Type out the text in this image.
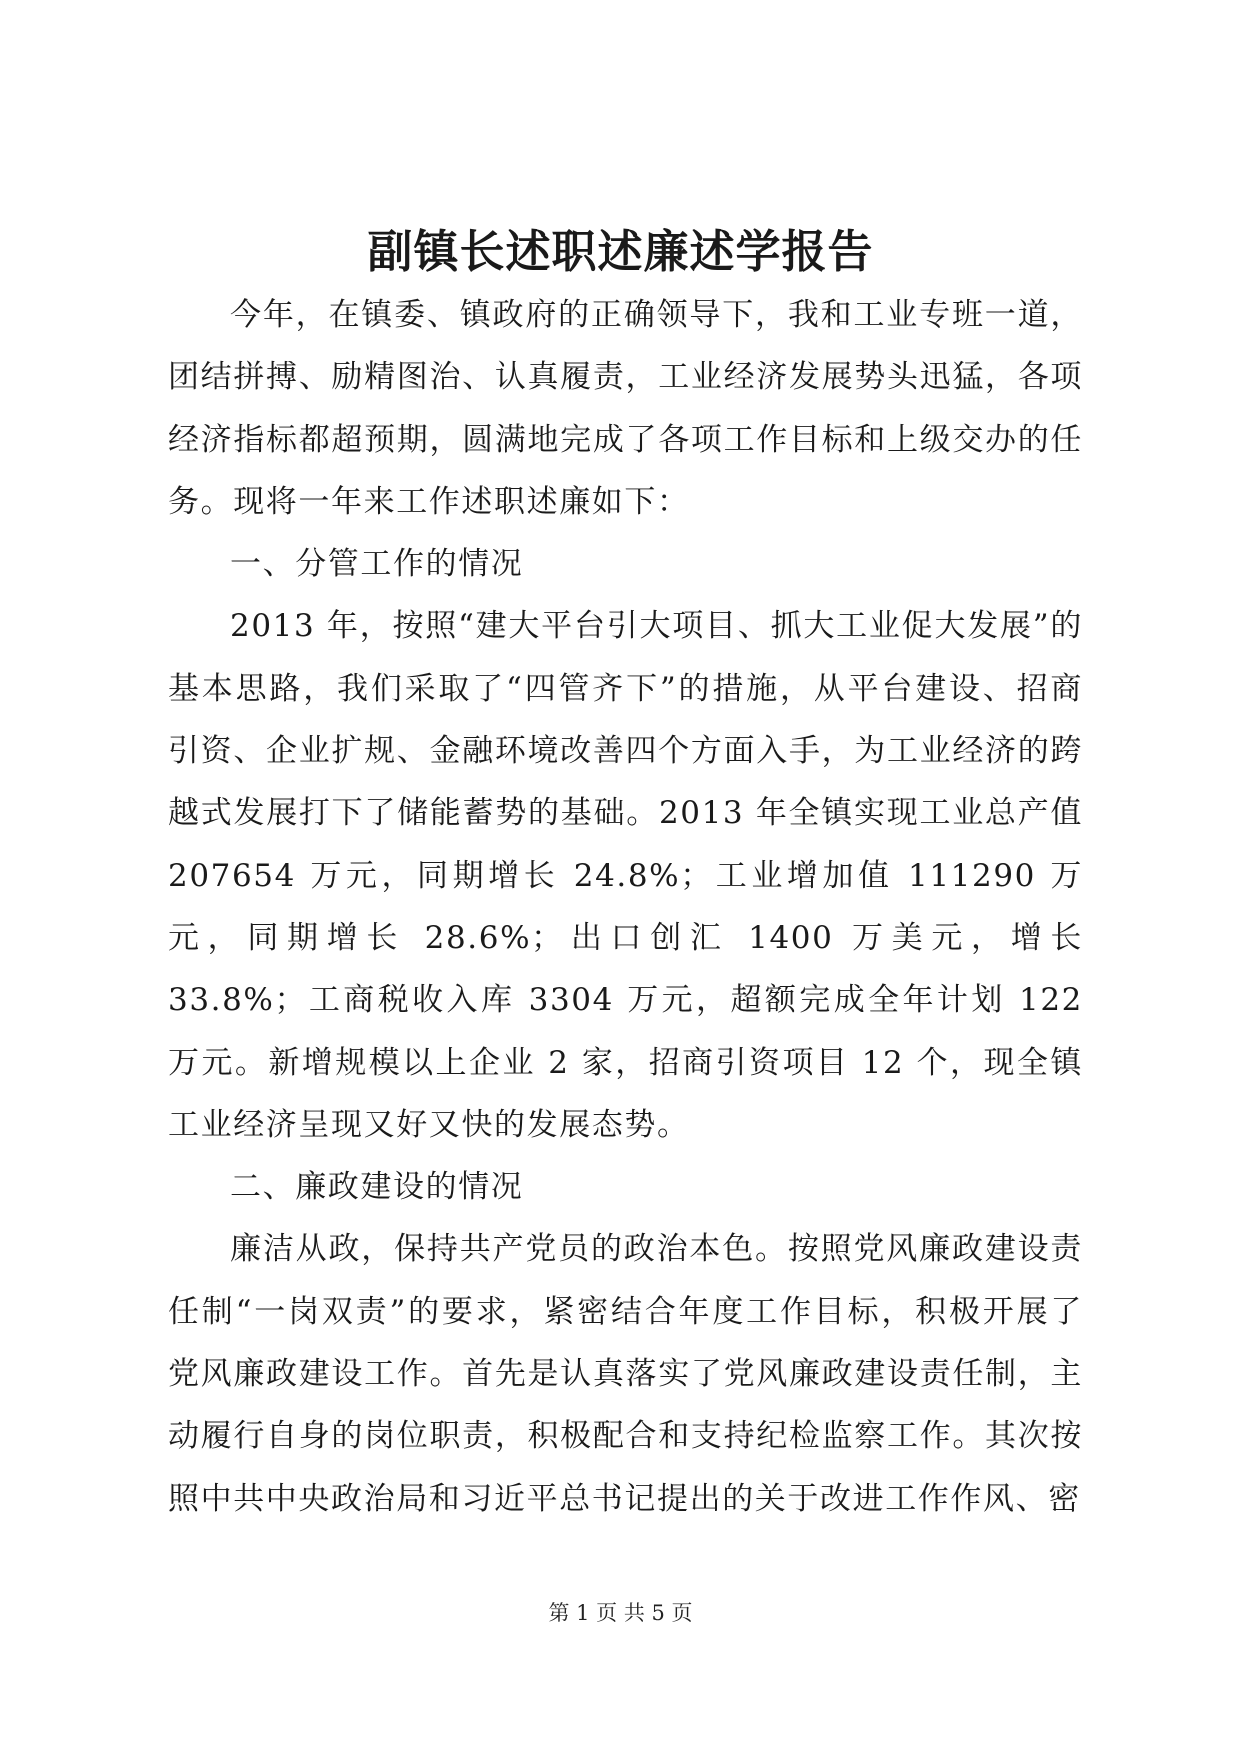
副镇长述职述廉述学报告

今年，在镇委、镇政府的正确领导下，我和工业专班一道，团结拼搏、励精图治、认真履责，工业经济发展势头迅猛，各项经济指标都超预期，圆满地完成了各项工作目标和上级交办的任务。现将一年来工作述职述廉如下：

一、分管工作的情况

2013 年，按照“建大平台引大项目、抓大工业促大发展”的基本思路，我们采取了“四管齐下”的措施，从平台建设、招商引资、企业扩规、金融环境改善四个方面入手，为工业经济的跨越式发展打下了储能蓄势的基础。2013 年全镇实现工业总产值 207654 万元，同期增长 24.8%；工业增加值 111290 万元，同期增长 28.6%；出口创汇 1400 万美元，增长 33.8%；工商税收入库 3304 万元，超额完成全年计划 122 万元。新增规模以上企业 2 家，招商引资项目 12 个，现全镇工业经济呈现又好又快的发展态势。

二、廉政建设的情况

廉洁从政，保持共产党员的政治本色。按照党风廉政建设责任制“一岗双责”的要求，紧密结合年度工作目标，积极开展了党风廉政建设工作。首先是认真落实了党风廉政建设责任制，主动履行自身的岗位职责，积极配合和支持纪检监察工作。其次按照中共中央政治局和习近平总书记提出的关于改进工作作风、密

第 1 页 共 5 页
